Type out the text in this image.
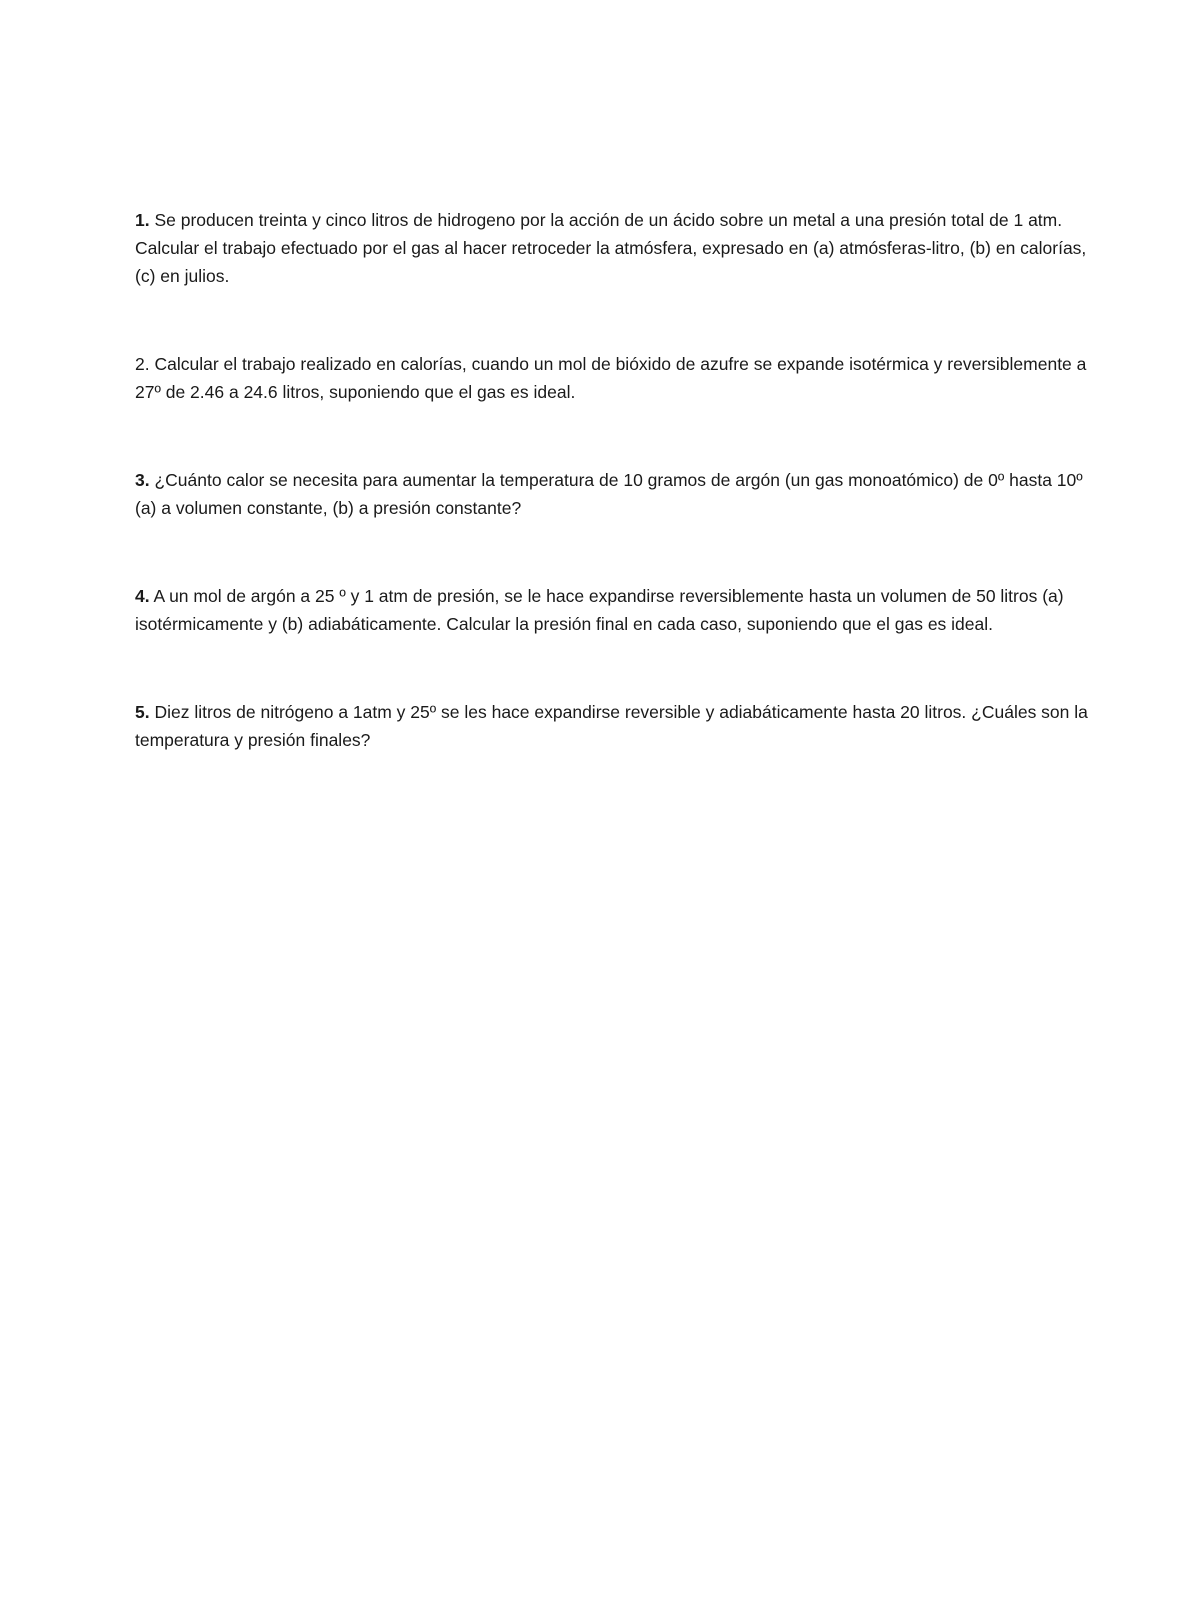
1. Se producen treinta y cinco litros de hidrogeno por la acción de un ácido sobre un metal a una presión total de 1 atm. Calcular el trabajo efectuado por el gas al hacer retroceder la atmósfera, expresado en (a) atmósferas-litro, (b) en calorías, (c) en julios.

2. Calcular el trabajo realizado en calorías, cuando un mol de bióxido de azufre se expande isotérmica y reversiblemente a 27º de 2.46 a 24.6 litros, suponiendo que el gas es ideal.

3. ¿Cuánto calor se necesita para aumentar la temperatura de 10 gramos de argón (un gas monoatómico) de 0º hasta 10º (a) a volumen constante, (b) a presión constante?

4. A un mol de argón a 25 º y 1 atm de presión, se le hace expandirse reversiblemente hasta un volumen de 50 litros (a) isotérmicamente y (b) adiabáticamente. Calcular la presión final en cada caso, suponiendo que el gas es ideal.

5. Diez litros de nitrógeno a 1atm y 25º se les hace expandirse reversible y adiabáticamente hasta 20 litros. ¿Cuáles son la temperatura y presión finales?
